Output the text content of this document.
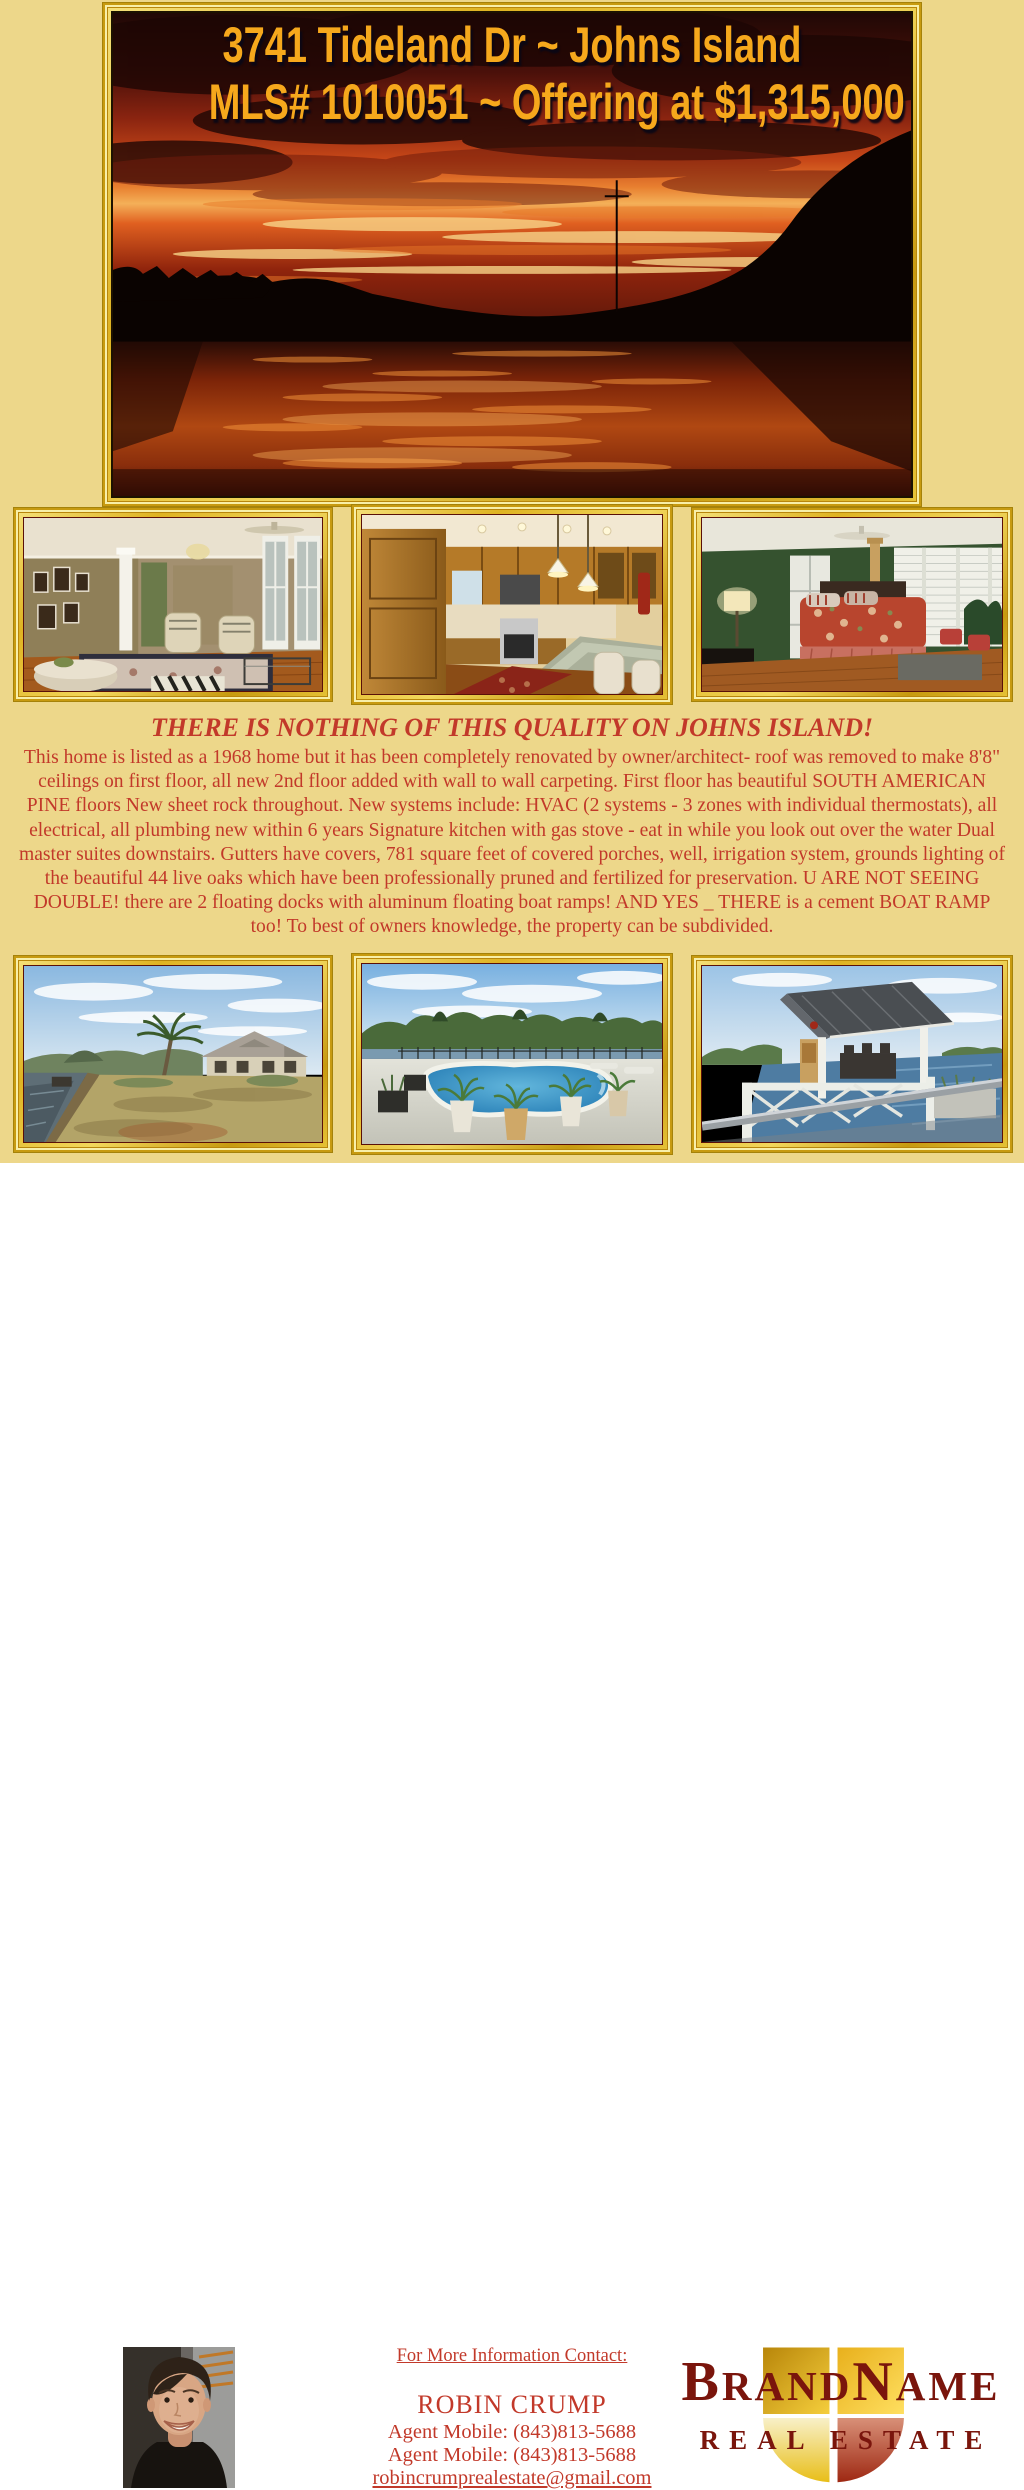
3741 Tideland Dr ~ Johns Island
MLS# 1010051 ~ Offering at $1,315,000
THERE IS NOTHING OF THIS QUALITY ON JOHNS ISLAND!
This home is listed as a 1968 home but it has been completely renovated by owner/architect- roof was removed to make 8'8" ceilings on first floor, all new 2nd floor added with wall to wall carpeting. First floor has beautiful SOUTH AMERICAN PINE floors New sheet rock throughout. New systems include: HVAC (2 systems - 3 zones with individual thermostats), all electrical, all plumbing new within 6 years Signature kitchen with gas stove - eat in while you look out over the water Dual master suites downstairs. Gutters have covers, 781 square feet of covered porches, well, irrigation system, grounds lighting of the beautiful 44 live oaks which have been professionally pruned and fertilized for preservation. U ARE NOT SEEING DOUBLE! there are 2 floating docks with aluminum floating boat ramps! AND YES _ THERE is a cement BOAT RAMP too! To best of owners knowledge, the property can be subdivided.
For More Information Contact:
ROBIN CRUMP
Agent Mobile: (843)813-5688
Agent Mobile: (843)813-5688
robincrumprealestate@gmail.com
BRANDNAME
REAL ESTATE
